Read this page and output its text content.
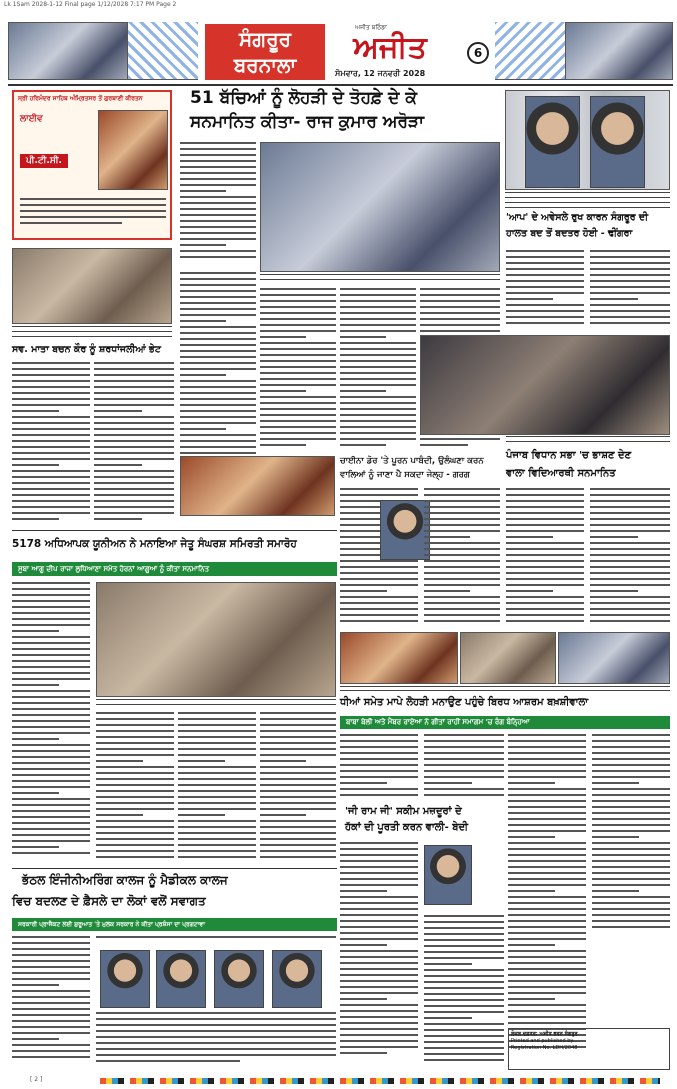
Lk 1Sam 2028-1-12 Final page 1/12/2028 7:17 PM Page 2
ਸੰਗਰੂਰ ਬਰਨਾਲਾ	ਅਜੀਤ
ਅਜੀਤ ਬਠਿੰਡਾ
ਸੋਮਵਾਰ, 12 ਜਨਵਰੀ 2028
6
ਸ੍ਰੀ ਹਰਿਮੰਦਰ ਸਾਹਿਬ ਅੰਮ੍ਰਿਤਸਰ ਤੋਂ ਗੁਰਬਾਣੀ ਕੀਰਤਨ
ਲਾਈਵ
ਪੀ.ਟੀ.ਸੀ.
ਸਵ. ਮਾਤਾ ਬਚਨ ਕੌਰ ਨੂੰ ਸ਼ਰਧਾਂਜਲੀਆਂ ਭੇਟ
51 ਬੱਚਿਆਂ ਨੂੰ ਲੋਹੜੀ ਦੇ ਤੋਹਫ਼ੇ ਦੇ ਕੇ
ਸਨਮਾਨਿਤ ਕੀਤਾ- ਰਾਜ ਕੁਮਾਰ ਅਰੋੜਾ
'ਆਪ' ਦੇ ਅਵੇਸਲੇ ਰੁਖ ਕਾਰਨ ਸੰਗਰੂਰ ਦੀ
ਹਾਲਤ ਬਦ ਤੋਂ ਬਦਤਰ ਹੋਈ - ਢੀਂਗਰਾ
ਚਾਈਨਾ ਡੋਰ 'ਤੇ ਪੂਰਨ ਪਾਬੰਦੀ, ਉਲੰਘਣਾ ਕਰਨ
ਵਾਲਿਆਂ ਨੂੰ ਜਾਣਾ ਪੈ ਸਕਦਾ ਜੇਲ੍ਹ - ਗਰਗ
ਪੰਜਾਬ ਵਿਧਾਨ ਸਭਾ 'ਚ ਭਾਸ਼ਣ ਦੇਣ
ਵਾਲਾ ਵਿਦਿਆਰਥੀ ਸਨਮਾਨਿਤ
5178 ਅਧਿਆਪਕ ਯੂਨੀਅਨ ਨੇ ਮਨਾਇਆ ਜੇਤੂ ਸੰਘਰਸ਼ ਸਮਿਰਤੀ ਸਮਾਰੋਹ
ਸੂਬਾ ਆਗੂ ਦੀਪ ਰਾਜਾ ਲੁਧਿਆਣਾ ਸਮੇਤ ਹੋਰਨਾਂ ਆਗੂਆਂ ਨੂੰ ਕੀਤਾ ਸਨਮਾਨਿਤ
ਧੀਆਂ ਸਮੇਤ ਮਾਪੇ ਲੋਹੜੀ ਮਨਾਉਣ ਪਹੁੰਚੇ ਬਿਰਧ ਆਸ਼ਰਮ ਬਖ਼ਸ਼ੀਵਾਲਾ
ਬਾਬਾ ਬੇਲੀ ਅਤੇ ਮੈਂਬਰ ਰਾਏਆ ਨੇ ਗੀਤਾਂ ਰਾਹੀਂ ਸਮਾਗਮ 'ਚ ਰੰਗ ਬੰਨ੍ਹਿਆ
'ਜੀ ਰਾਮ ਜੀ' ਸਕੀਮ ਮਜ਼ਦੂਰਾਂ ਦੇ
ਹੱਕਾਂ ਦੀ ਪੂਰਤੀ ਕਰਨ ਵਾਲੀ- ਬੇਦੀ
ਭੱਠਲ ਇੰਜੀਨੀਅਰਿੰਗ ਕਾਲਜ ਨੂੰ ਮੈਡੀਕਲ ਕਾਲਜ
ਵਿਚ ਬਦਲਣ ਦੇ ਫ਼ੈਸਲੇ ਦਾ ਲੋਕਾਂ ਵਲੋਂ ਸਵਾਗਤ
ਸਰਕਾਰੀ ਪ੍ਰਾਜੈਕਟ ਲਈ ਸ਼ੁਰੂਆਤ 'ਤੇ ਮੁਲਕ ਸਰਕਾਰ ਨੇ ਕੀਤਾ ਪ੍ਰਸ਼ੰਸਾ ਦਾ ਪ੍ਰਗਟਾਵਾ
ਲੋਕਲ ਦਫ਼ਤਰ: ਅਜੀਤ ਭਵਨ ਸੰਗਰੂਰ
Printed and published by...
Registration No. LDH/2048
[ 2 ]
